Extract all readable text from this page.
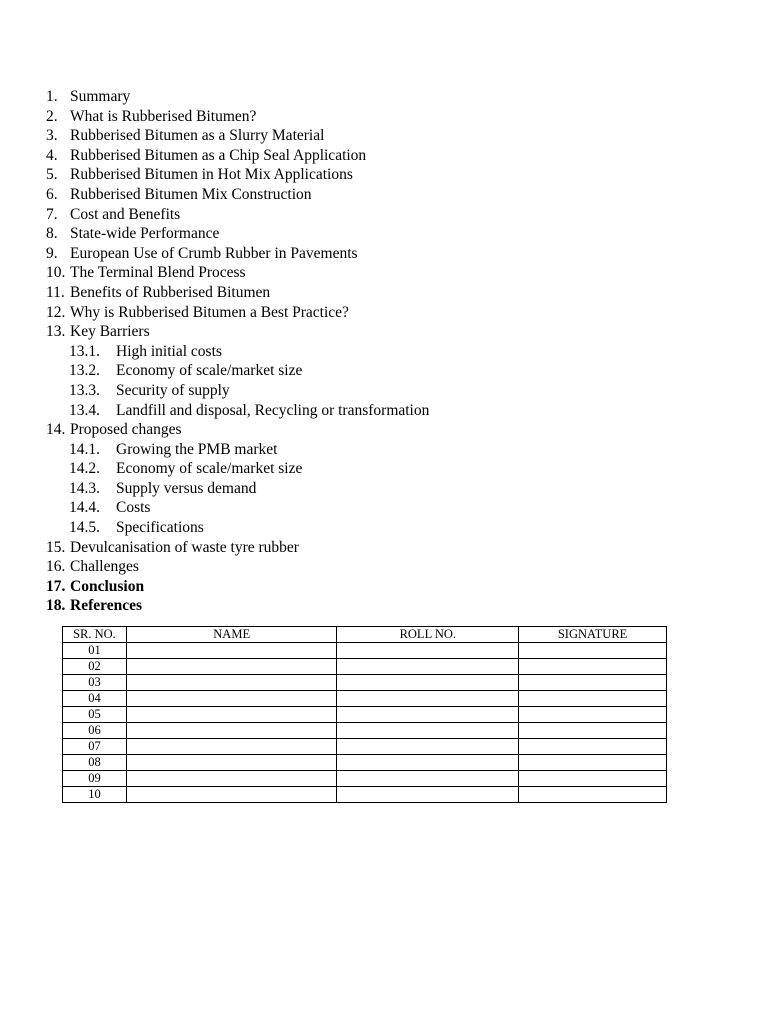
1. Summary
2. What is Rubberised Bitumen?
3. Rubberised Bitumen as a Slurry Material
4. Rubberised Bitumen as a Chip Seal Application
5. Rubberised Bitumen in Hot Mix Applications
6. Rubberised Bitumen Mix Construction
7. Cost and Benefits
8. State-wide Performance
9. European Use of Crumb Rubber in Pavements
10. The Terminal Blend Process
11. Benefits of Rubberised Bitumen
12. Why is Rubberised Bitumen a Best Practice?
13. Key Barriers
13.1. High initial costs
13.2. Economy of scale/market size
13.3. Security of supply
13.4. Landfill and disposal, Recycling or transformation
14. Proposed changes
14.1. Growing the PMB market
14.2. Economy of scale/market size
14.3. Supply versus demand
14.4. Costs
14.5. Specifications
15. Devulcanisation of waste tyre rubber
16. Challenges
17. Conclusion
18. References
SR. NO.	NAME	ROLL NO.	SIGNATURE
01			
02			
03			
04			
05			
06			
07			
08			
09			
10			
